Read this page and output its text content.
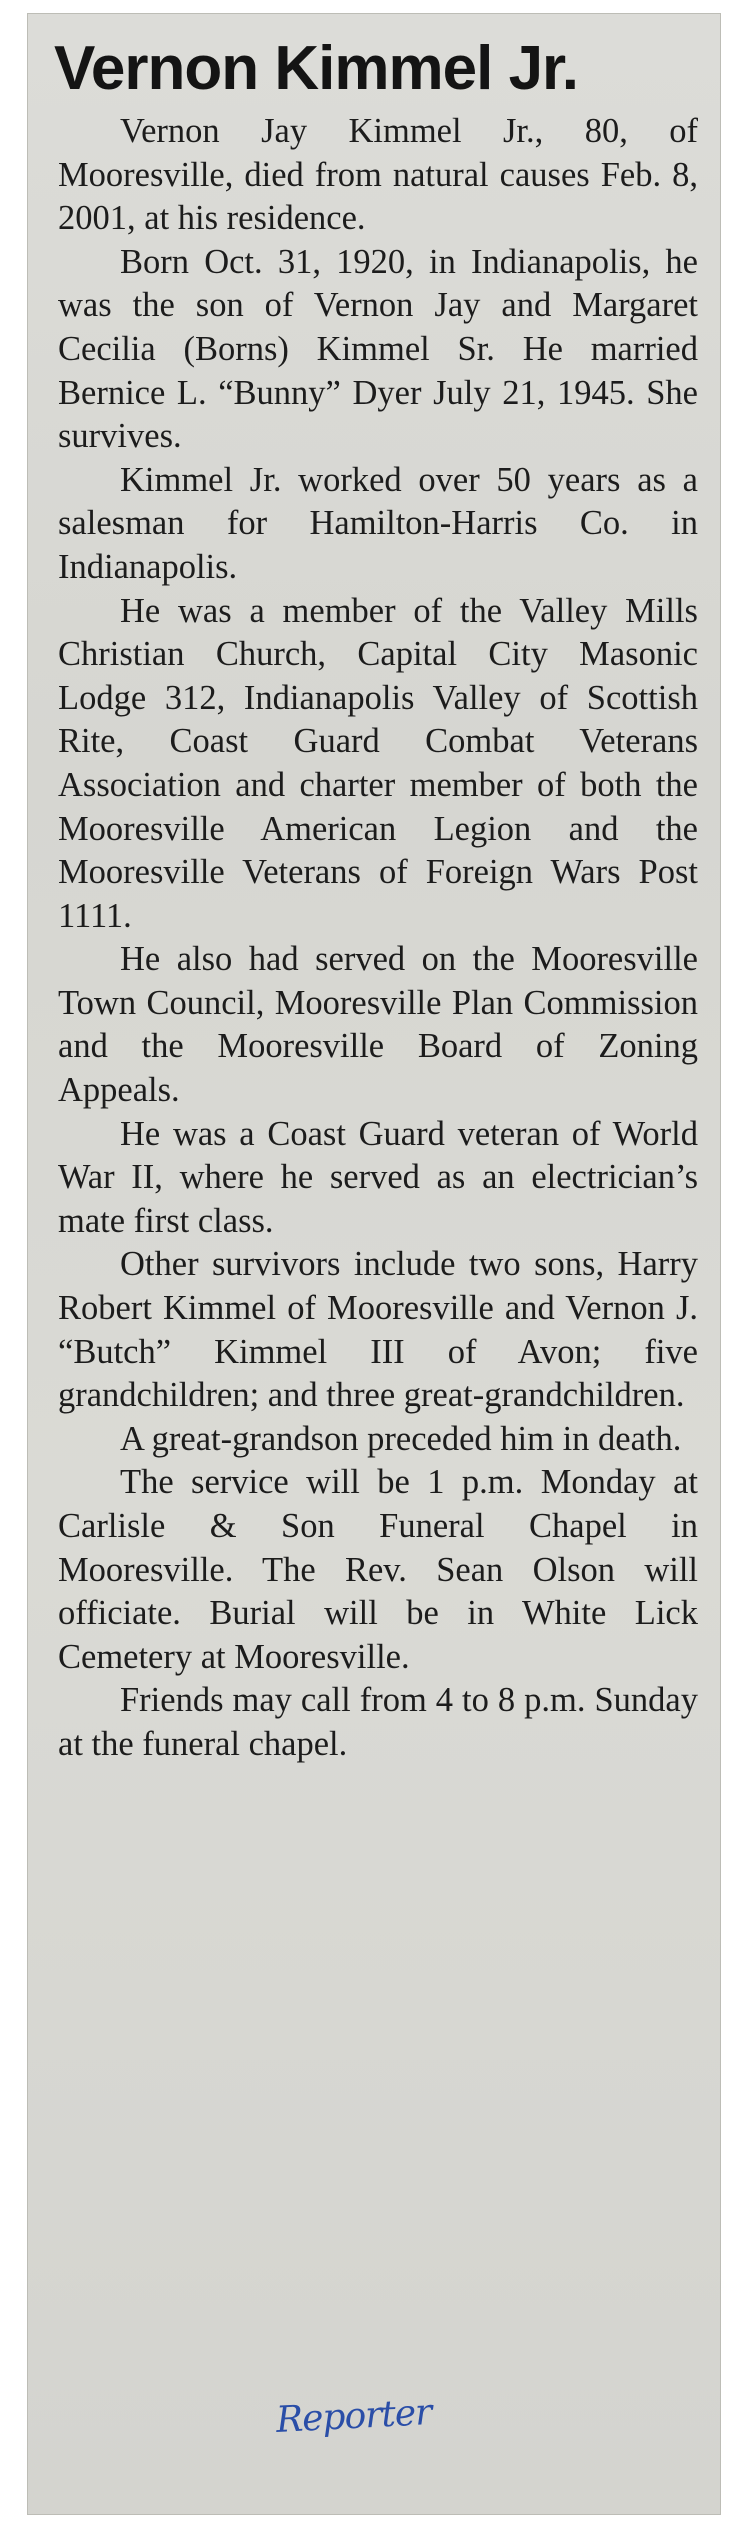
Vernon Kimmel Jr.

Vernon Jay Kimmel Jr., 80, of Mooresville, died from natural causes Feb. 8, 2001, at his residence.

Born Oct. 31, 1920, in Indianapolis, he was the son of Vernon Jay and Margaret Cecilia (Borns) Kimmel Sr. He married Bernice L. “Bunny” Dyer July 21, 1945. She survives.

Kimmel Jr. worked over 50 years as a salesman for Hamilton-Harris Co. in Indianapolis.

He was a member of the Valley Mills Christian Church, Capital City Masonic Lodge 312, Indianapolis Valley of Scottish Rite, Coast Guard Combat Veterans Association and charter member of both the Mooresville American Legion and the Mooresville Veterans of Foreign Wars Post 1111.

He also had served on the Mooresville Town Council, Mooresville Plan Commission and the Mooresville Board of Zoning Appeals.

He was a Coast Guard veteran of World War II, where he served as an electrician’s mate first class.

Other survivors include two sons, Harry Robert Kimmel of Mooresville and Vernon J. “Butch” Kimmel III of Avon; five grandchildren; and three great-grandchildren.

A great-grandson preceded him in death.

The service will be 1 p.m. Monday at Carlisle & Son Funeral Chapel in Mooresville. The Rev. Sean Olson will officiate. Burial will be in White Lick Cemetery at Mooresville.

Friends may call from 4 to 8 p.m. Sunday at the funeral chapel.

Reporter
